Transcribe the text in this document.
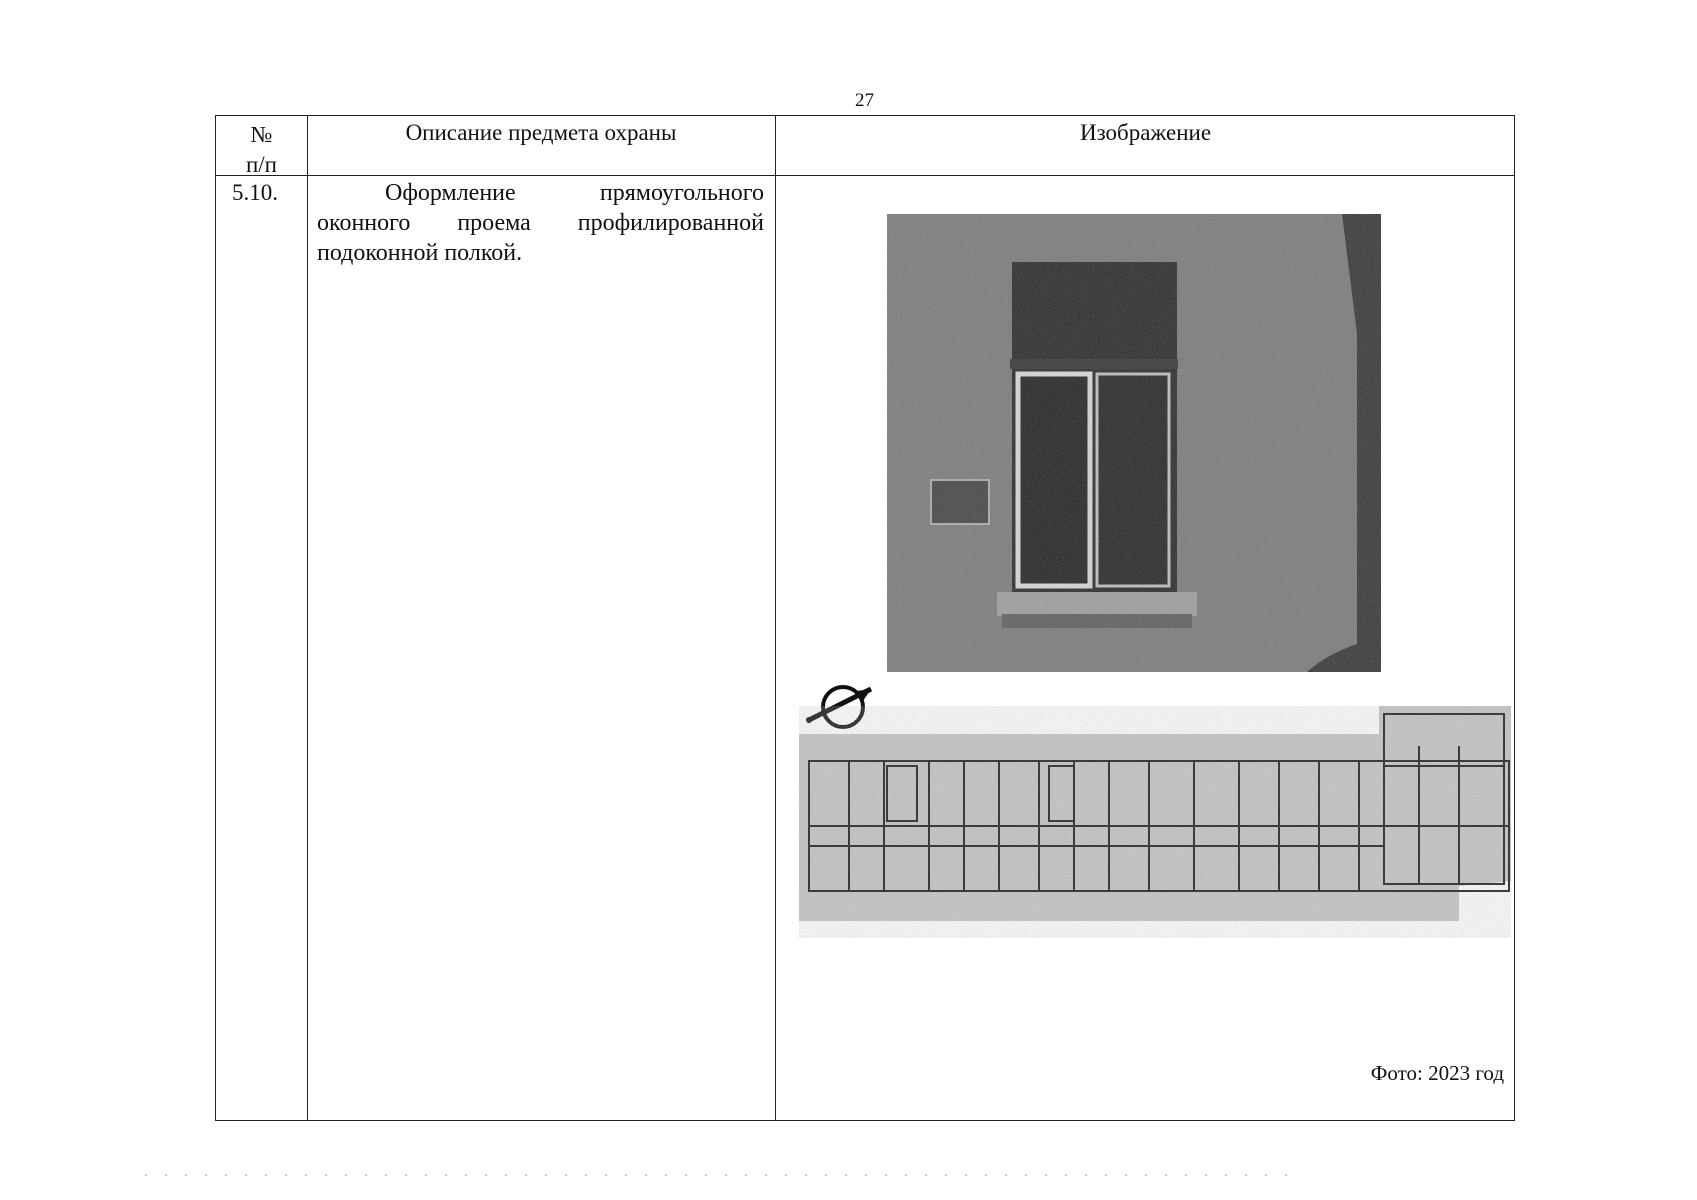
27
№
п/п
Описание предмета охраны	Изображение
5.10.	Оформление прямоугольного оконного проема профилированной подоконной полкой.
Фото: 2023 год
